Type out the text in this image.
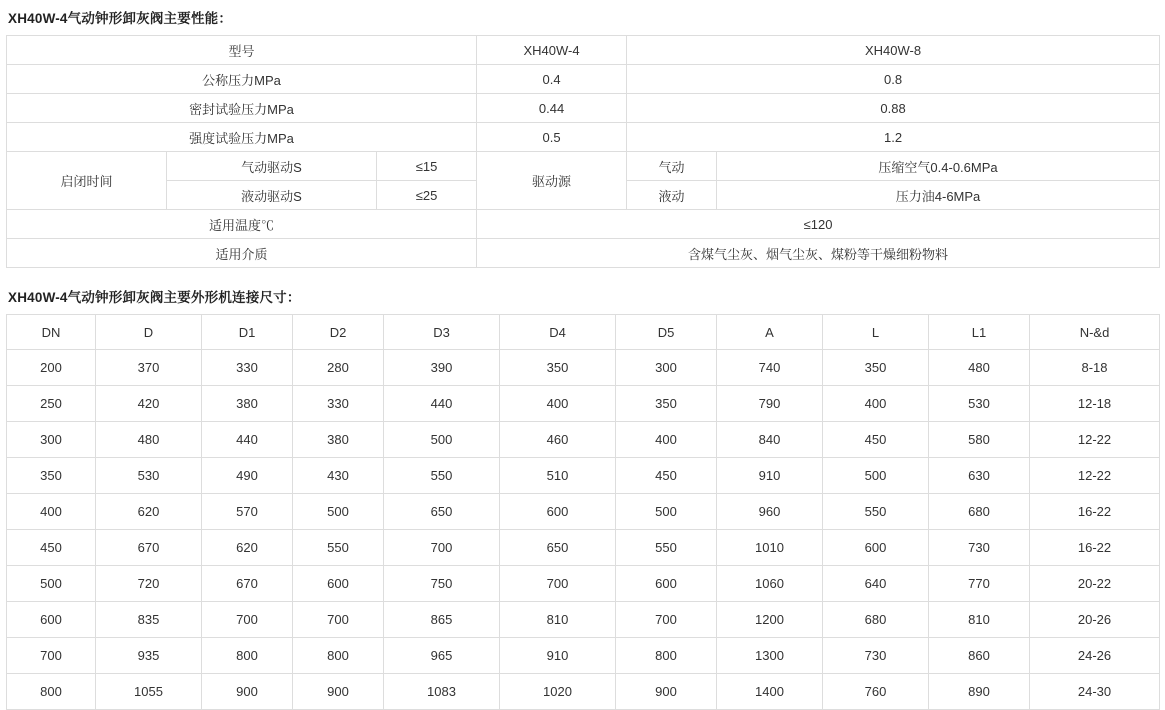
XH40W-4气动钟形卸灰阀主要性能：
型号			XH40W-4	XH40W-8	
公称压力MPa			0.4	0.8	
密封试验压力MPa			0.44	0.88	
强度试验压力MPa			0.5	1.2	
启闭时间	气动驱动S	≤15	驱动源	气动	压缩空气0.4-0.6MPa
	液动驱动S	≤25		液动	压力油4-6MPa
适用温度℃			≤120		
适用介质			含煤气尘灰、烟气尘灰、煤粉等干燥细粉物料		
XH40W-4气动钟形卸灰阀主要外形机连接尺寸：
DN	D	D1	D2	D3	D4	D5	A	L	L1	N-&d
200	370	330	280	390	350	300	740	350	480	8-18
250	420	380	330	440	400	350	790	400	530	12-18
300	480	440	380	500	460	400	840	450	580	12-22
350	530	490	430	550	510	450	910	500	630	12-22
400	620	570	500	650	600	500	960	550	680	16-22
450	670	620	550	700	650	550	1010	600	730	16-22
500	720	670	600	750	700	600	1060	640	770	20-22
600	835	700	700	865	810	700	1200	680	810	20-26
700	935	800	800	965	910	800	1300	730	860	24-26
800	1055	900	900	1083	1020	900	1400	760	890	24-30
